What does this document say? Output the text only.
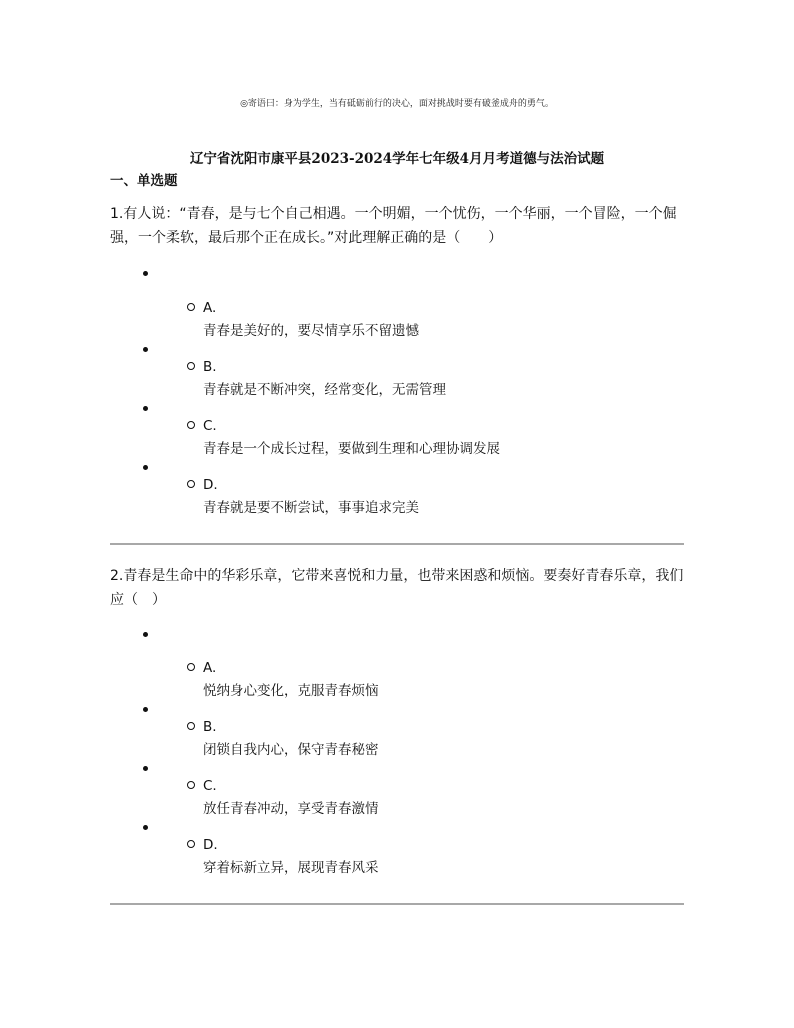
◎寄语曰：身为学生，当有砥砺前行的决心，面对挑战时要有破釜成舟的勇气。
辽宁省沈阳市康平县2023-2024学年七年级4月月考道德与法治试题
一、单选题

1.有人说：“青春，是与七个自己相遇。一个明媚，一个忧伤，一个华丽，一个冒险，一个倔强，一个柔软，最后那个正在成长。”对此理解正确的是（　　）

A.
青春是美好的，要尽情享乐不留遗憾
B.
青春就是不断冲突，经常变化，无需管理
C.
青春是一个成长过程，要做到生理和心理协调发展
D.
青春就是要不断尝试，事事追求完美

2.青春是生命中的华彩乐章，它带来喜悦和力量，也带来困惑和烦恼。要奏好青春乐章，我们应（　）

A.
悦纳身心变化，克服青春烦恼
B.
闭锁自我内心，保守青春秘密
C.
放任青春冲动，享受青春激情
D.
穿着标新立异，展现青春风采
